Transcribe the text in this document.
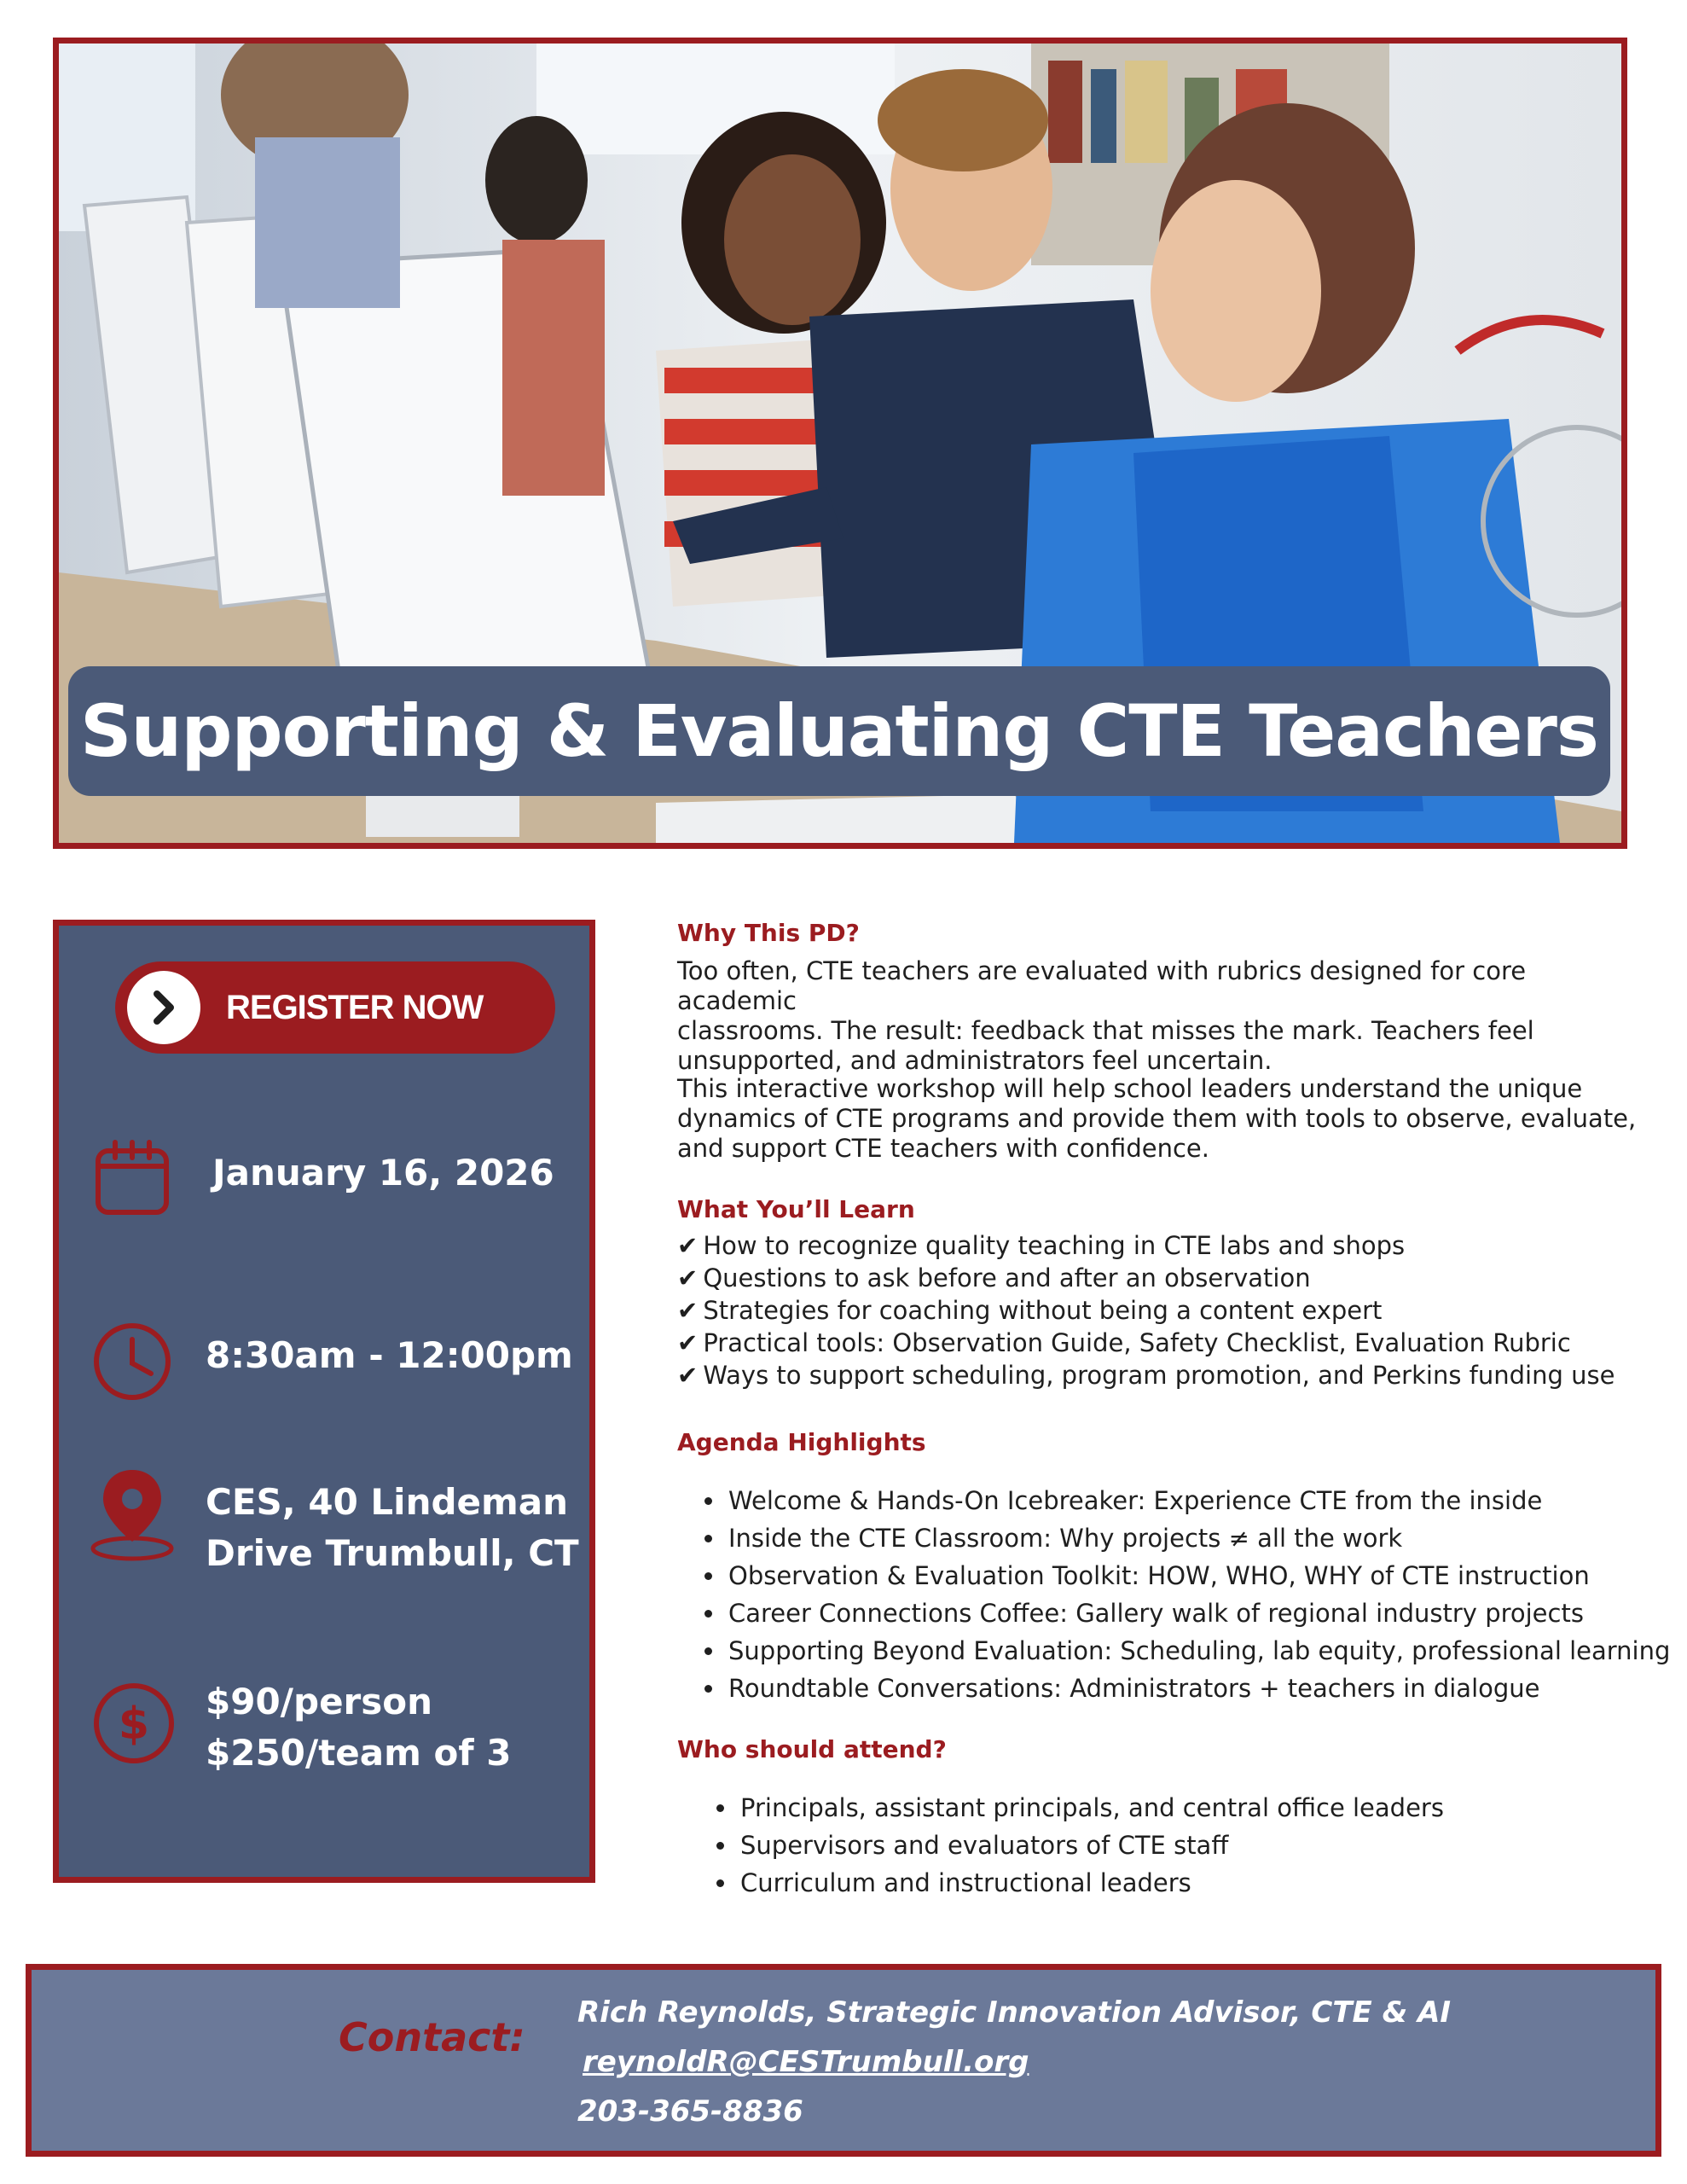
Supporting & Evaluating CTE Teachers
REGISTER NOW
January 16, 2026
8:30am - 12:00pm
CES, 40 Lindeman
Drive Trumbull, CT
$ $90/person
$250/team of 3
Why This PD?

Too often, CTE teachers are evaluated with rubrics designed for core academic

classrooms. The result: feedback that misses the mark. Teachers feel

unsupported, and administrators feel uncertain.

This interactive workshop will help school leaders understand the unique

dynamics of CTE programs and provide them with tools to observe, evaluate,

and support CTE teachers with confidence.

What You’ll Learn
✔ How to recognize quality teaching in CTE labs and shops
✔ Questions to ask before and after an observation
✔ Strategies for coaching without being a content expert
✔ Practical tools: Observation Guide, Safety Checklist, Evaluation Rubric
✔ Ways to support scheduling, program promotion, and Perkins funding use
Agenda Highlights
Welcome & Hands-On Icebreaker: Experience CTE from the inside
Inside the CTE Classroom: Why projects ≠ all the work
Observation & Evaluation Toolkit: HOW, WHO, WHY of CTE instruction
Career Connections Coffee: Gallery walk of regional industry projects
Supporting Beyond Evaluation: Scheduling, lab equity, professional learning
Roundtable Conversations: Administrators + teachers in dialogue
Who should attend?
Principals, assistant principals, and central office leaders
Supervisors and evaluators of CTE staff
Curriculum and instructional leaders
Contact:
Rich Reynolds, Strategic Innovation Advisor, CTE & AI
reynoldR@CESTrumbull.org
203-365-8836
